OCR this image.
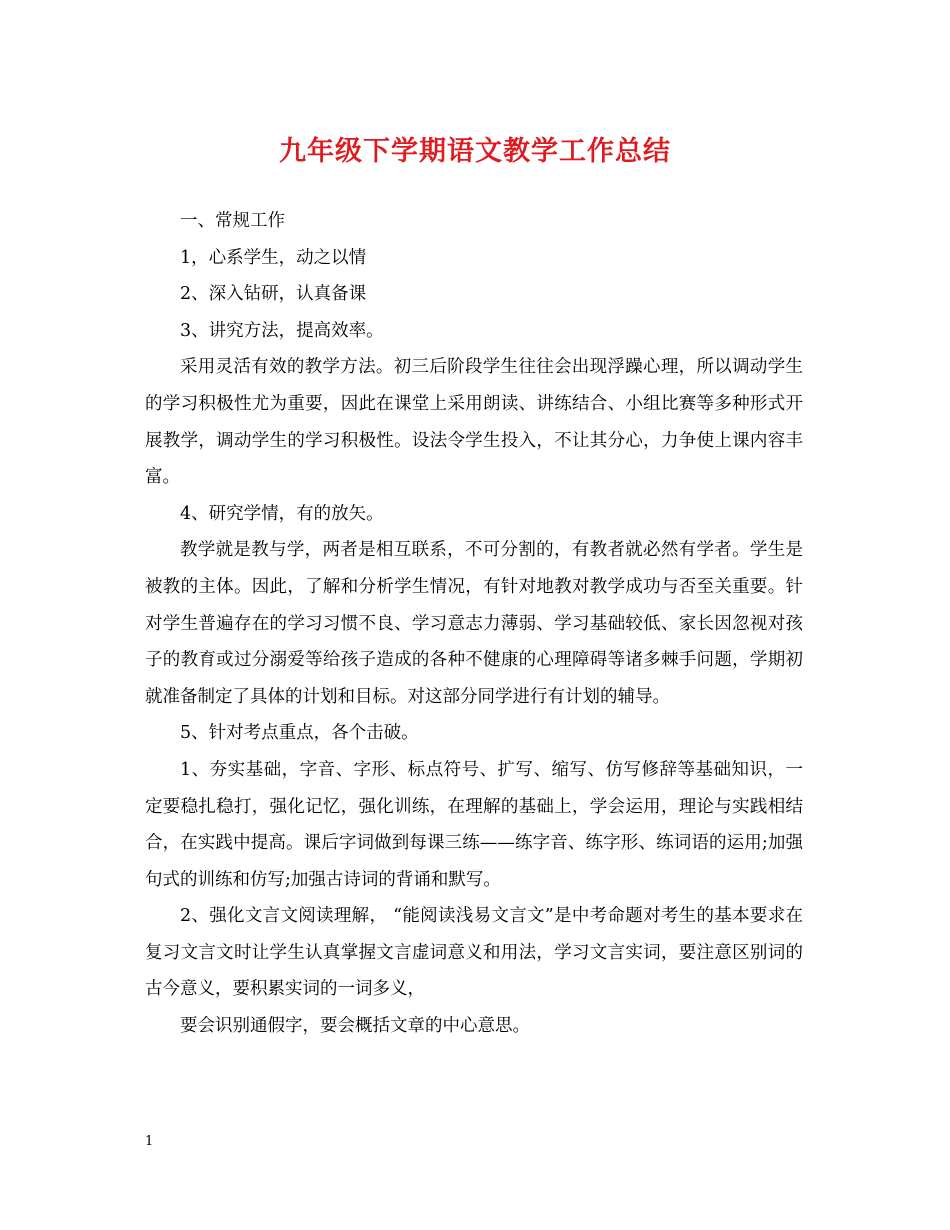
九年级下学期语文教学工作总结

一、常规工作

1，心系学生，动之以情

2、深入钻研，认真备课

3、讲究方法，提高效率。

采用灵活有效的教学方法。初三后阶段学生往往会出现浮躁心理，所以调动学生的学习积极性尤为重要，因此在课堂上采用朗读、讲练结合、小组比赛等多种形式开展教学，调动学生的学习积极性。设法令学生投入，不让其分心，力争使上课内容丰富。

4、研究学情，有的放矢。

教学就是教与学，两者是相互联系，不可分割的，有教者就必然有学者。学生是被教的主体。因此，了解和分析学生情况，有针对地教对教学成功与否至关重要。针对学生普遍存在的学习习惯不良、学习意志力薄弱、学习基础较低、家长因忽视对孩子的教育或过分溺爱等给孩子造成的各种不健康的心理障碍等诸多棘手问题，学期初就准备制定了具体的计划和目标。对这部分同学进行有计划的辅导。

5、针对考点重点，各个击破。

1、夯实基础，字音、字形、标点符号、扩写、缩写、仿写修辞等基础知识，一定要稳扎稳打，强化记忆，强化训练，在理解的基础上，学会运用，理论与实践相结合，在实践中提高。课后字词做到每课三练——练字音、练字形、练词语的运用;加强句式的训练和仿写;加强古诗词的背诵和默写。

2、强化文言文阅读理解， “能阅读浅易文言文”是中考命题对考生的基本要求在复习文言文时让学生认真掌握文言虚词意义和用法，学习文言实词，要注意区别词的古今意义，要积累实词的一词多义，

要会识别通假字，要会概括文章的中心意思。

1
